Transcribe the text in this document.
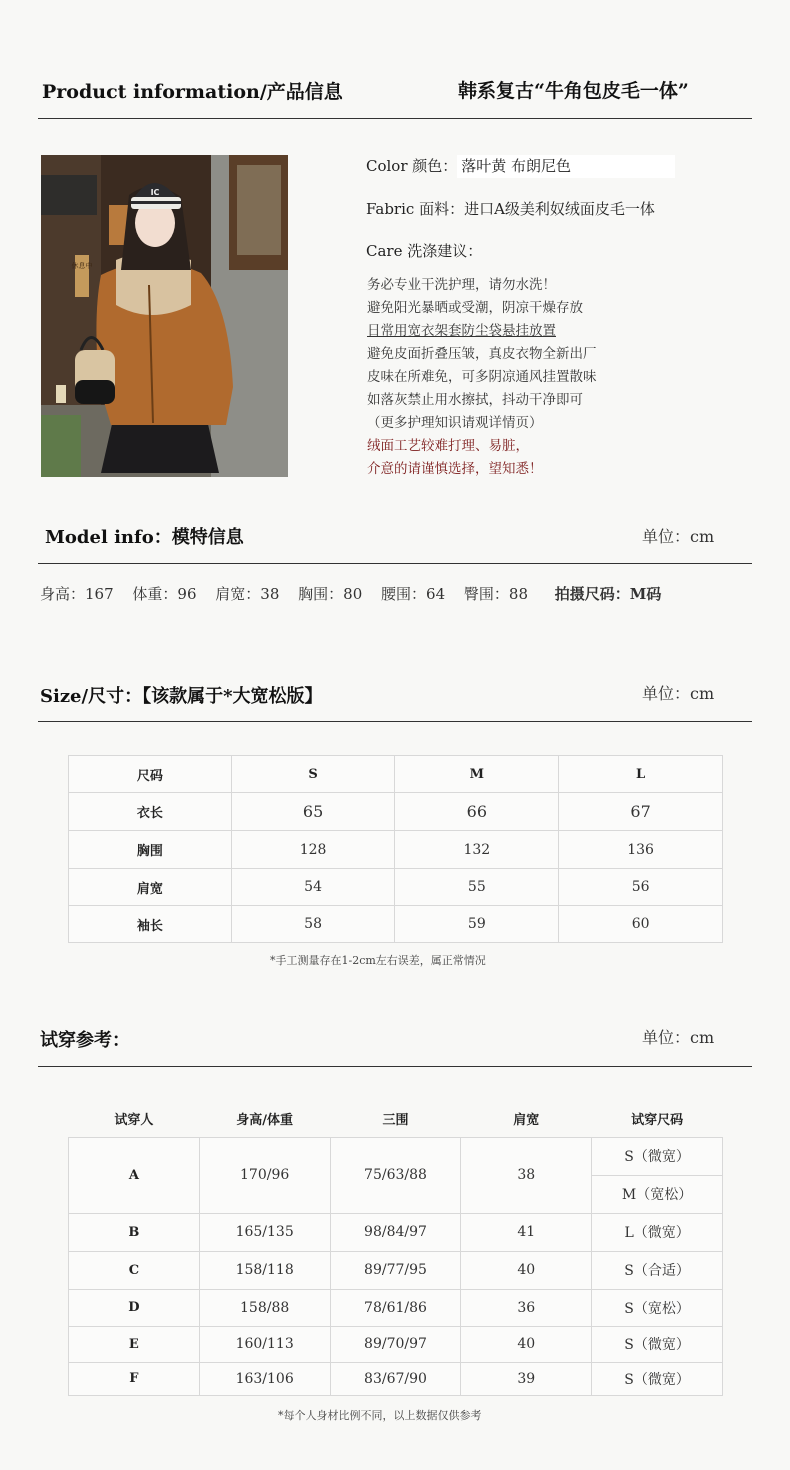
Product information/产品信息	韩系复古“牛角包皮毛一体”
休息中
IC
Color 颜色： 落叶黄 布朗尼色
Fabric 面料：进口A级美利奴绒面皮毛一体
Care 洗涤建议：
务必专业干洗护理，请勿水洗！
避免阳光暴晒或受潮，阴凉干燥存放
日常用宽衣架套防尘袋悬挂放置
避免皮面折叠压皱，真皮衣物全新出厂
皮味在所难免，可多阴凉通风挂置散味
如落灰禁止用水擦拭，抖动干净即可
（更多护理知识请观详情页）
绒面工艺较难打理、易脏，
介意的请谨慎选择，望知悉！
Model info：模特信息	单位：cm
身高：167 体重：96 肩宽：38 胸围：80 腰围：64 臀围：88 拍摄尺码：M码
Size/尺寸：【该款属于*大宽松版】	单位：cm
尺码	S	M	L
衣长	65	66	67
胸围	128	132	136
肩宽	54	55	56
袖长	58	59	60
*手工测量存在1-2cm左右误差，属正常情况
试穿参考：	单位：cm
试穿人	身高/体重	三围	肩宽	试穿尺码
A	170/96	75/63/88	38	S（微宽）
				M（宽松）
B	165/135	98/84/97	41	L（微宽）
C	158/118	89/77/95	40	S（合适）
D	158/88	78/61/86	36	S（宽松）
E	160/113	89/70/97	40	S（微宽）
F	163/106	83/67/90	39	S（微宽）
*每个人身材比例不同，以上数据仅供参考
